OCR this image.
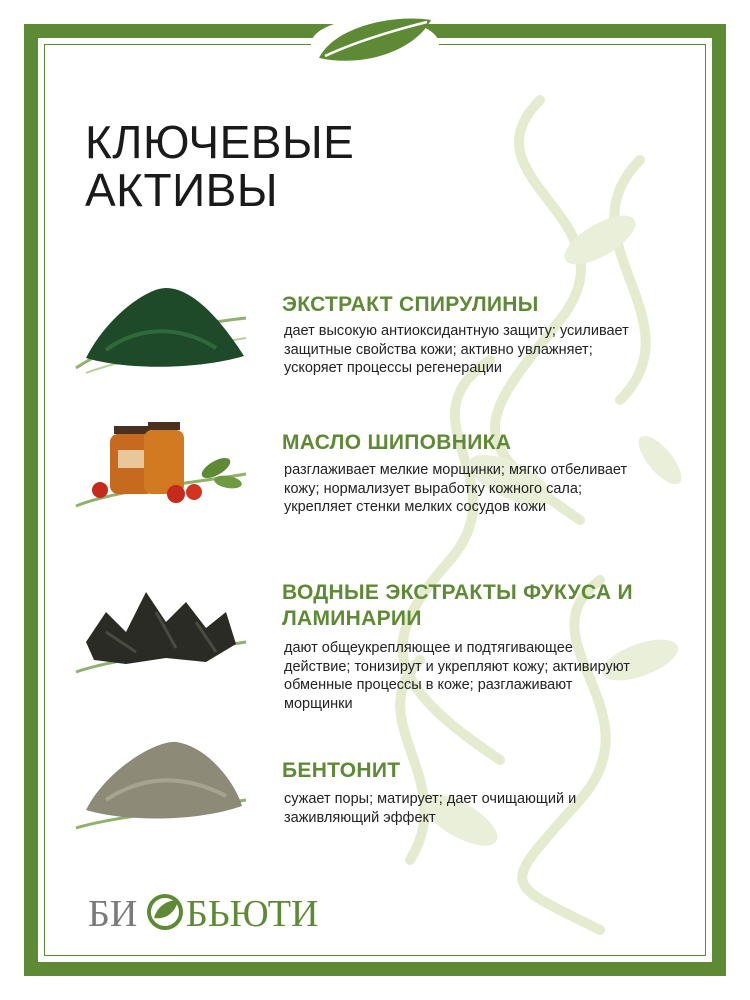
КЛЮЧЕВЫЕ
АКТИВЫ
ЭКСТРАКТ СПИРУЛИНЫ

дает высокую антиоксидантную защиту; усиливает защитные свойства кожи; активно увлажняет; ускоряет процессы регенерации

МАСЛО ШИПОВНИКА

разглаживает мелкие морщинки; мягко отбеливает кожу; нормализует выработку кожного сала; укрепляет стенки мелких сосудов кожи

ВОДНЫЕ ЭКСТРАКТЫ ФУКУСА И ЛАМИНАРИИ

дают общеукрепляющее и подтягивающее действие; тонизирут и укрепляют кожу; активируют обменные процессы в коже; разглаживают морщинки

БЕНТОНИТ

сужает поры; матирует; дает очищающий и заживляющий эффект

БИ БЬЮТИ
